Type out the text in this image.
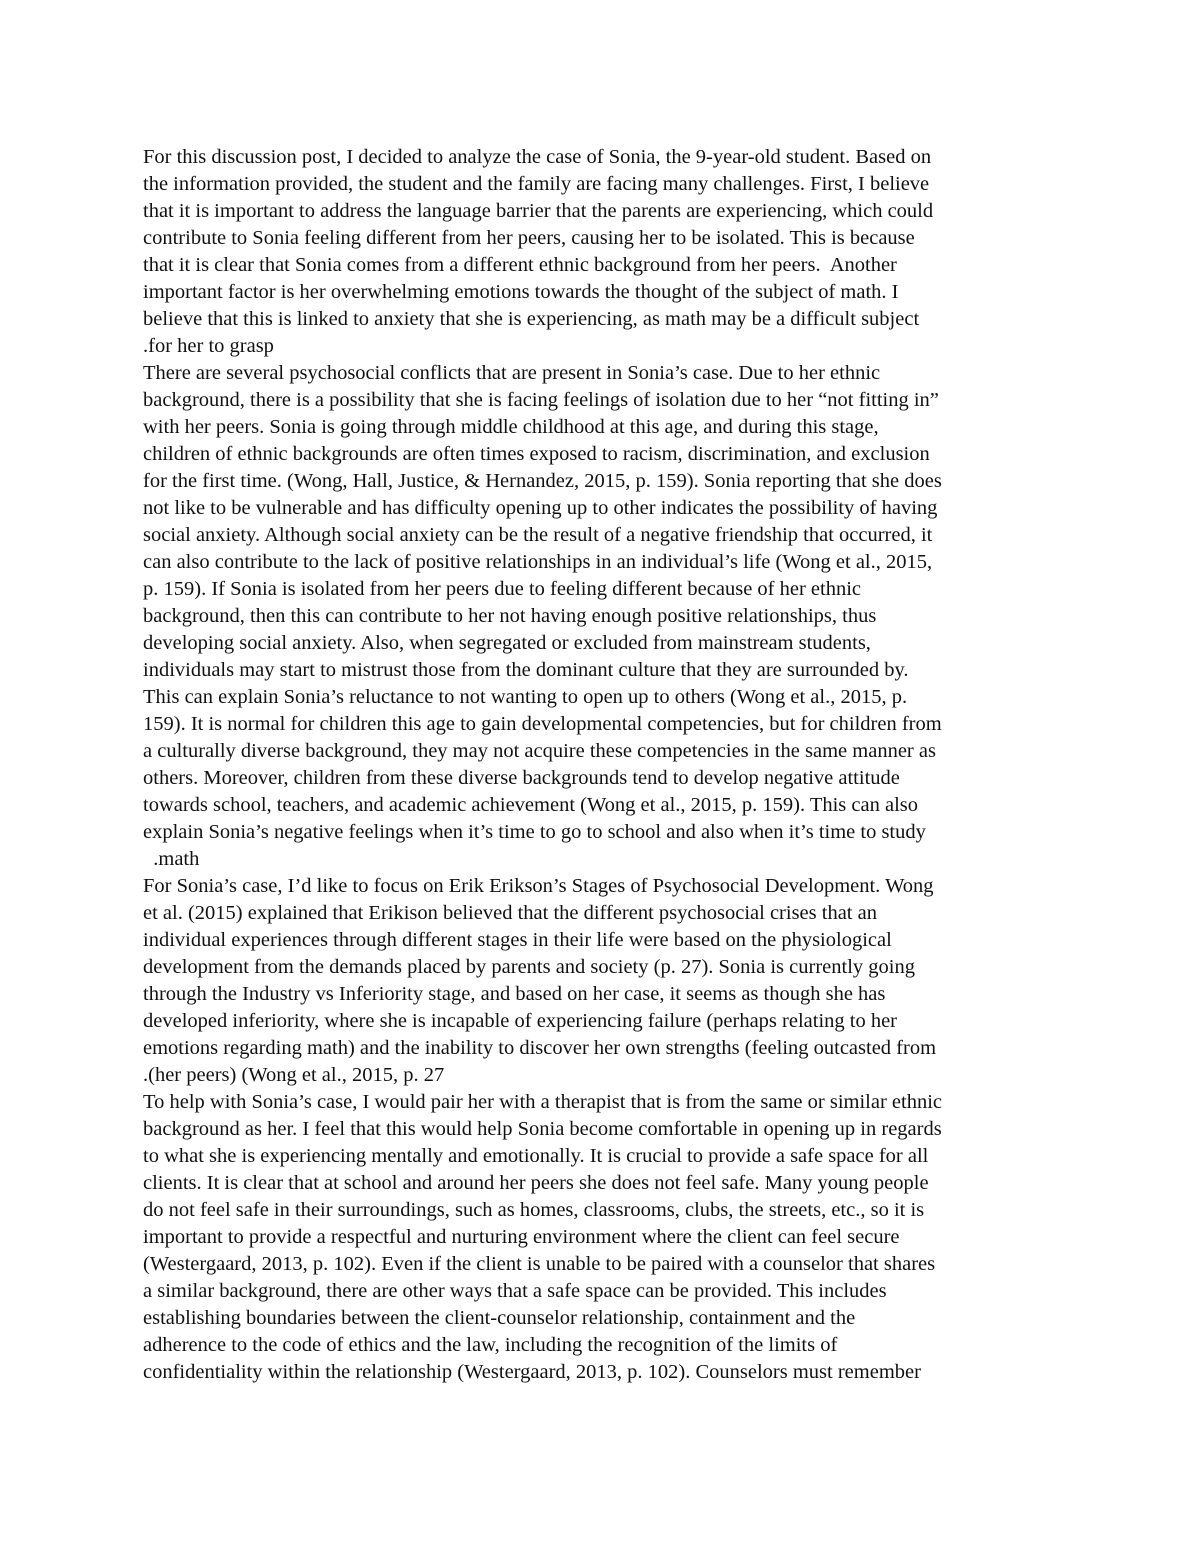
For this discussion post, I decided to analyze the case of Sonia, the 9-year-old student. Based on
the information provided, the student and the family are facing many challenges. First, I believe
that it is important to address the language barrier that the parents are experiencing, which could
contribute to Sonia feeling different from her peers, causing her to be isolated. This is because
that it is clear that Sonia comes from a different ethnic background from her peers.  Another
important factor is her overwhelming emotions towards the thought of the subject of math. I
believe that this is linked to anxiety that she is experiencing, as math may be a difficult subject
.for her to grasp
There are several psychosocial conflicts that are present in Sonia’s case. Due to her ethnic
background, there is a possibility that she is facing feelings of isolation due to her “not fitting in”
with her peers. Sonia is going through middle childhood at this age, and during this stage,
children of ethnic backgrounds are often times exposed to racism, discrimination, and exclusion
for the first time. (Wong, Hall, Justice, & Hernandez, 2015, p. 159). Sonia reporting that she does
not like to be vulnerable and has difficulty opening up to other indicates the possibility of having
social anxiety. Although social anxiety can be the result of a negative friendship that occurred, it
can also contribute to the lack of positive relationships in an individual’s life (Wong et al., 2015,
p. 159). If Sonia is isolated from her peers due to feeling different because of her ethnic
background, then this can contribute to her not having enough positive relationships, thus
developing social anxiety. Also, when segregated or excluded from mainstream students,
individuals may start to mistrust those from the dominant culture that they are surrounded by.
This can explain Sonia’s reluctance to not wanting to open up to others (Wong et al., 2015, p.
159). It is normal for children this age to gain developmental competencies, but for children from
a culturally diverse background, they may not acquire these competencies in the same manner as
others. Moreover, children from these diverse backgrounds tend to develop negative attitude
towards school, teachers, and academic achievement (Wong et al., 2015, p. 159). This can also
explain Sonia’s negative feelings when it’s time to go to school and also when it’s time to study
.math
For Sonia’s case, I’d like to focus on Erik Erikson’s Stages of Psychosocial Development. Wong
et al. (2015) explained that Erikison believed that the different psychosocial crises that an
individual experiences through different stages in their life were based on the physiological
development from the demands placed by parents and society (p. 27). Sonia is currently going
through the Industry vs Inferiority stage, and based on her case, it seems as though she has
developed inferiority, where she is incapable of experiencing failure (perhaps relating to her
emotions regarding math) and the inability to discover her own strengths (feeling outcasted from
.(her peers) (Wong et al., 2015, p. 27
To help with Sonia’s case, I would pair her with a therapist that is from the same or similar ethnic
background as her. I feel that this would help Sonia become comfortable in opening up in regards
to what she is experiencing mentally and emotionally. It is crucial to provide a safe space for all
clients. It is clear that at school and around her peers she does not feel safe. Many young people
do not feel safe in their surroundings, such as homes, classrooms, clubs, the streets, etc., so it is
important to provide a respectful and nurturing environment where the client can feel secure
(Westergaard, 2013, p. 102). Even if the client is unable to be paired with a counselor that shares
a similar background, there are other ways that a safe space can be provided. This includes
establishing boundaries between the client-counselor relationship, containment and the
adherence to the code of ethics and the law, including the recognition of the limits of
confidentiality within the relationship (Westergaard, 2013, p. 102). Counselors must remember
